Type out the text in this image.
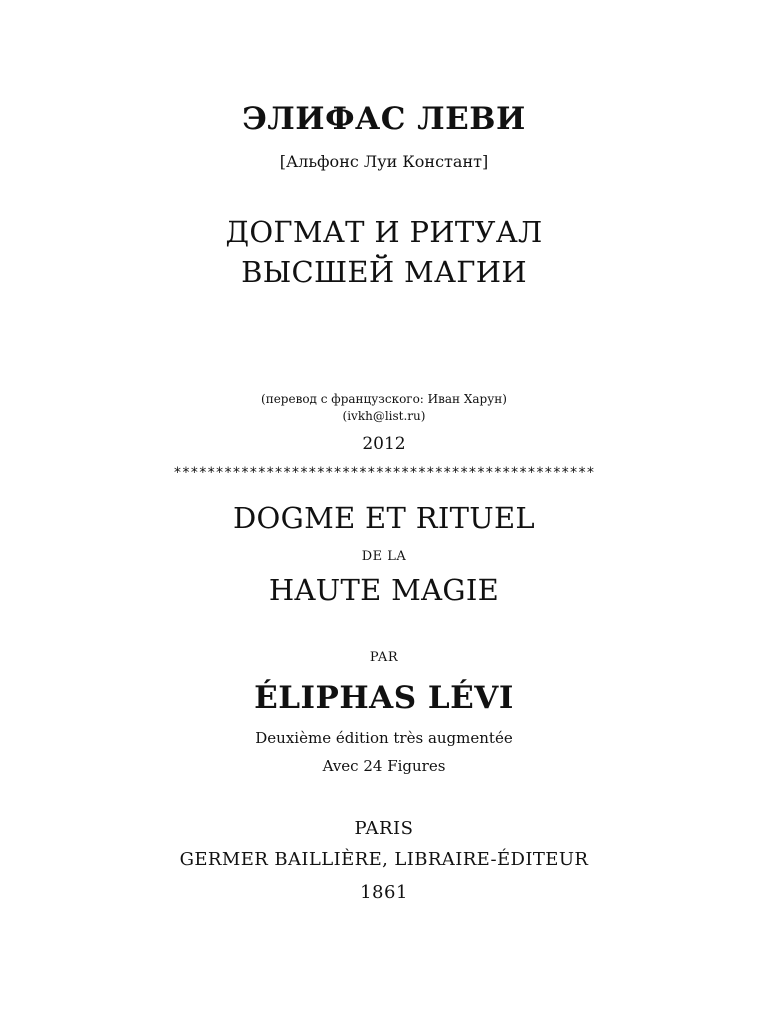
ЭЛИФАС ЛЕВИ
[Альфонс Луи Констант]
ДОГМАТ И РИТУАЛ
ВЫСШЕЙ МАГИИ
(перевод с французского: Иван Харун)
(ivkh@list.ru)
2012
**************************************************
DOGME ET RITUEL
DE LA
HAUTE MAGIE
PAR
ÉLIPHAS LÉVI
Deuxième édition très augmentée
Avec 24 Figures
PARIS
GERMER BAILLIÈRE, LIBRAIRE-ÉDITEUR
1861
